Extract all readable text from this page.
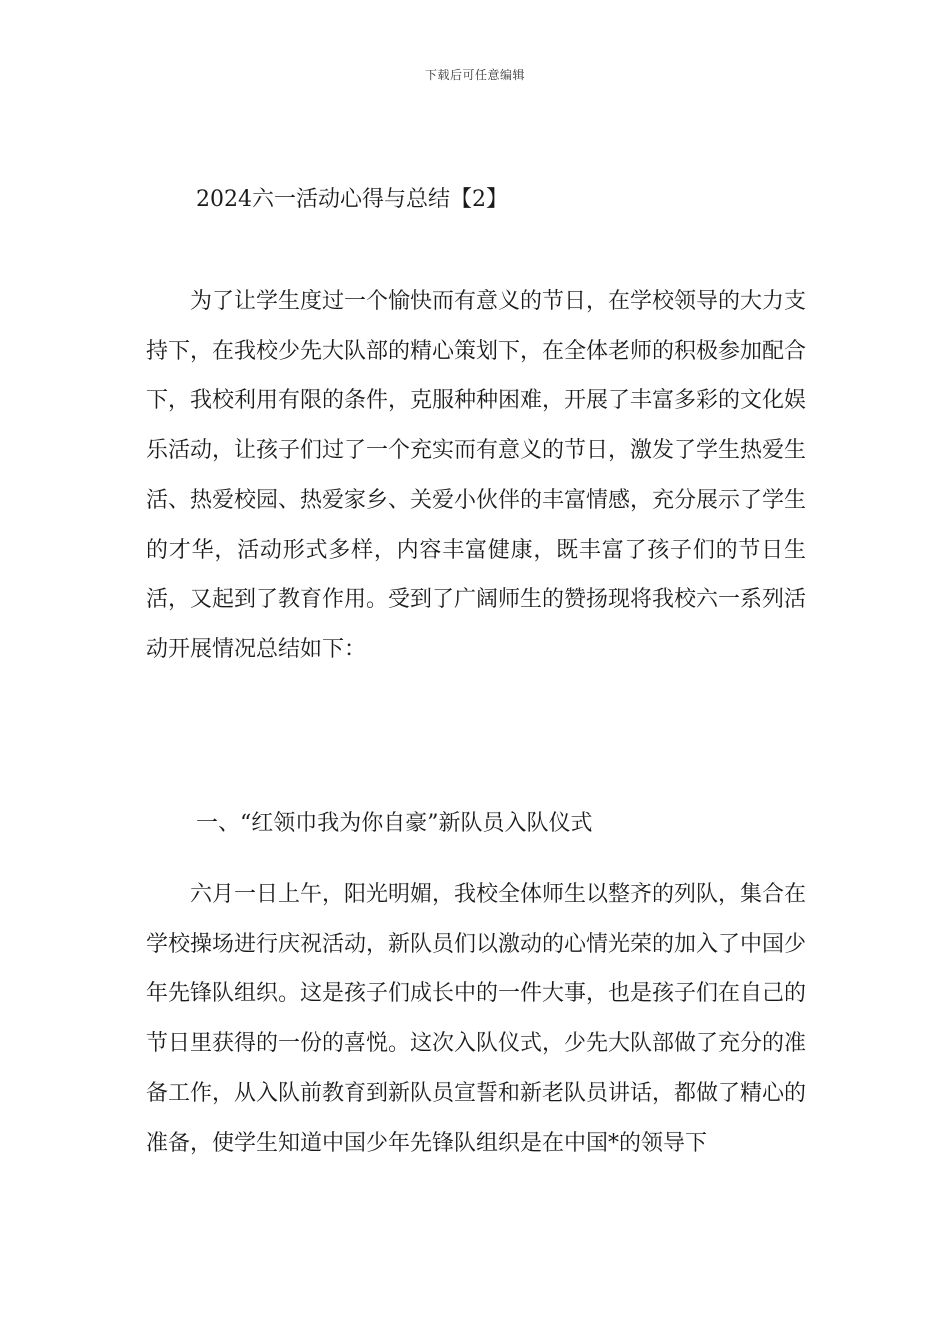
下载后可任意编辑
2024六一活动心得与总结【2】

为了让学生度过一个愉快而有意义的节日，在学校领导的大力支持下，在我校少先大队部的精心策划下，在全体老师的积极参加配合下，我校利用有限的条件，克服种种困难，开展了丰富多彩的文化娱乐活动，让孩子们过了一个充实而有意义的节日，激发了学生热爱生活、热爱校园、热爱家乡、关爱小伙伴的丰富情感，充分展示了学生的才华，活动形式多样，内容丰富健康，既丰富了孩子们的节日生活，又起到了教育作用。受到了广阔师生的赞扬现将我校六一系列活动开展情况总结如下：

一、“红领巾我为你自豪”新队员入队仪式

六月一日上午，阳光明媚，我校全体师生以整齐的列队，集合在学校操场进行庆祝活动，新队员们以激动的心情光荣的加入了中国少年先锋队组织。这是孩子们成长中的一件大事，也是孩子们在自己的节日里获得的一份的喜悦。这次入队仪式，少先大队部做了充分的准备工作，从入队前教育到新队员宣誓和新老队员讲话，都做了精心的准备，使学生知道中国少年先锋队组织是在中国*的领导下
